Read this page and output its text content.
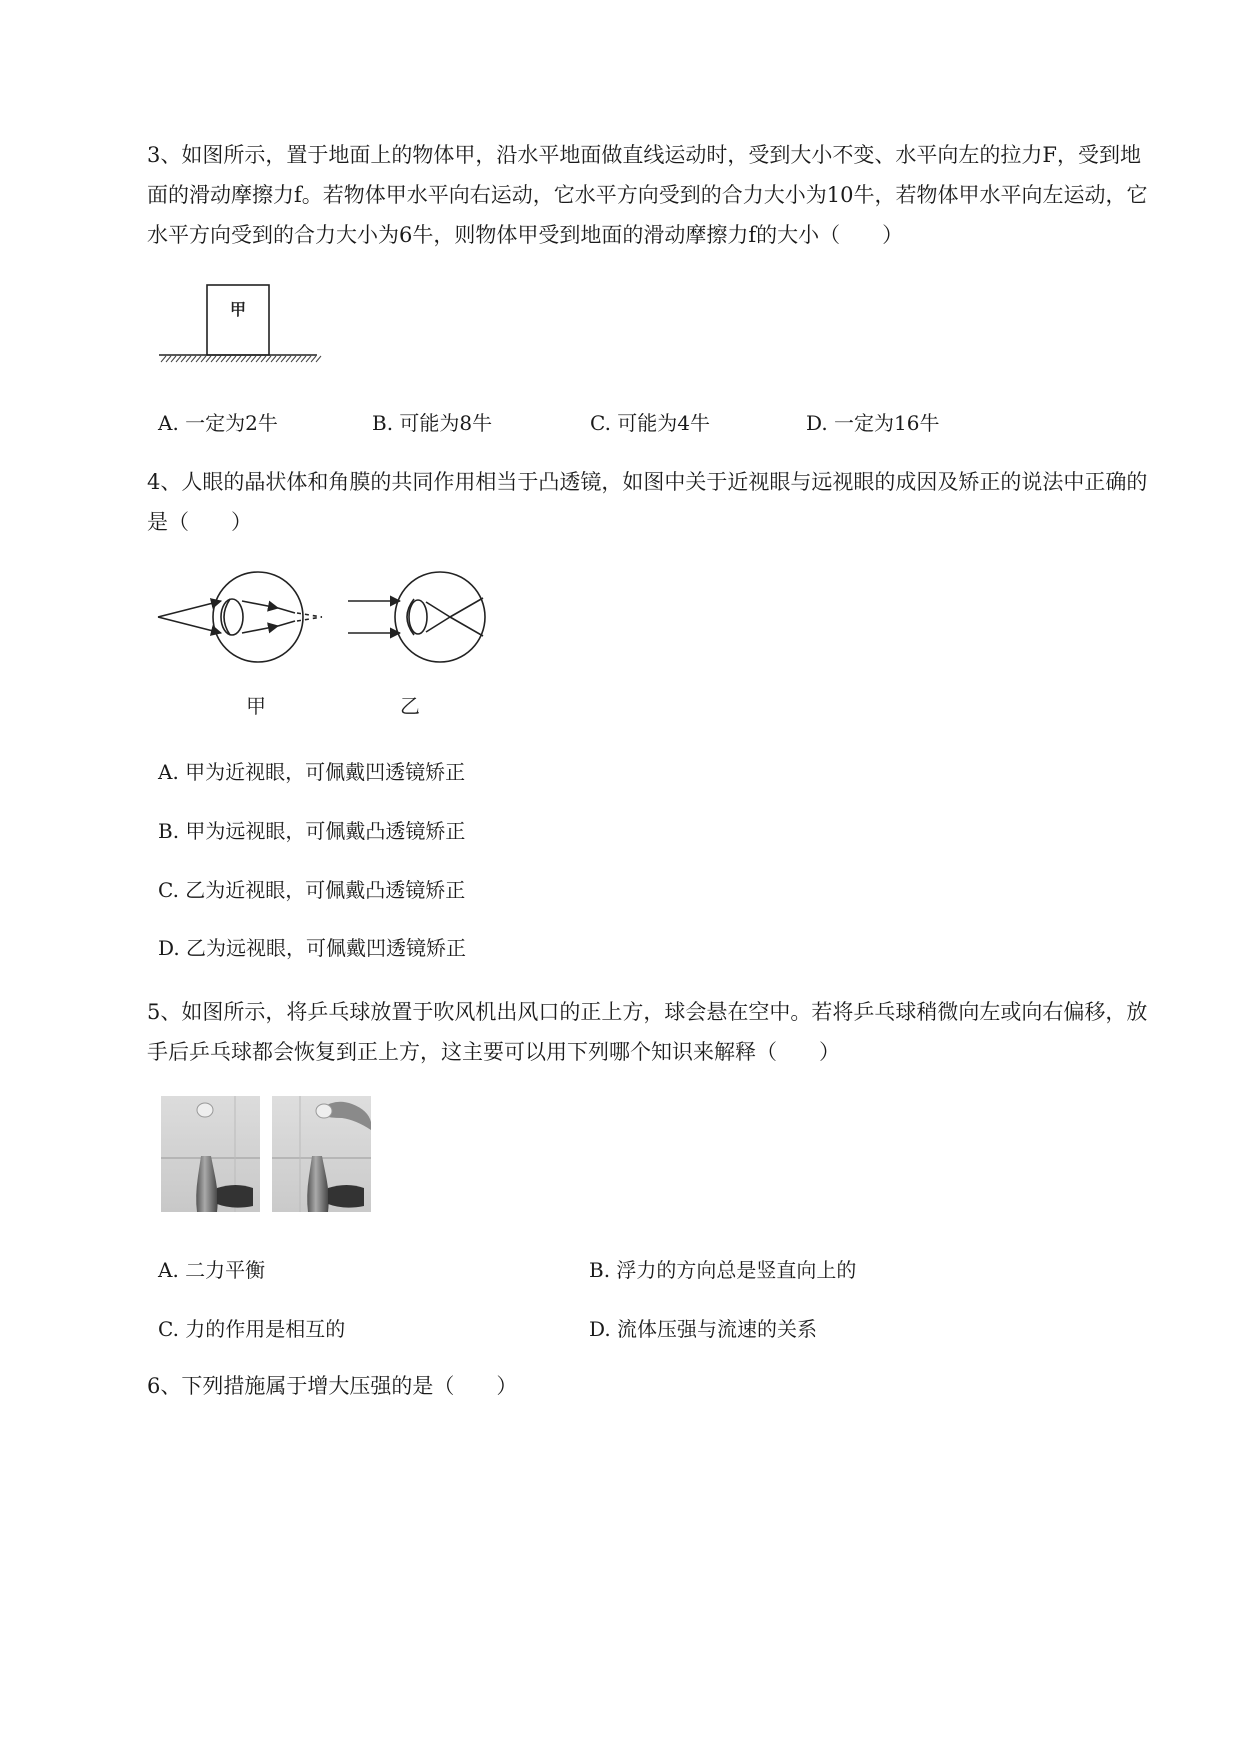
3、如图所示，置于地面上的物体甲，沿水平地面做直线运动时，受到大小不变、水平向左的拉力F，受到地面的滑动摩擦力f。若物体甲水平向右运动，它水平方向受到的合力大小为10牛，若物体甲水平向左运动，它水平方向受到的合力大小为6牛，则物体甲受到地面的滑动摩擦力f的大小（　　）
甲
A. 一定为2牛	B. 可能为8牛	C. 可能为4牛	D. 一定为16牛
4、人眼的晶状体和角膜的共同作用相当于凸透镜，如图中关于近视眼与远视眼的成因及矫正的说法中正确的是（　　）
甲	乙
A. 甲为近视眼，可佩戴凹透镜矫正
B. 甲为远视眼，可佩戴凸透镜矫正
C. 乙为近视眼，可佩戴凸透镜矫正
D. 乙为远视眼，可佩戴凹透镜矫正
5、如图所示，将乒乓球放置于吹风机出风口的正上方，球会悬在空中。若将乒乓球稍微向左或向右偏移，放手后乒乓球都会恢复到正上方，这主要可以用下列哪个知识来解释（　　）
A. 二力平衡	B. 浮力的方向总是竖直向上的
C. 力的作用是相互的	D. 流体压强与流速的关系
6、下列措施属于增大压强的是（　　）
